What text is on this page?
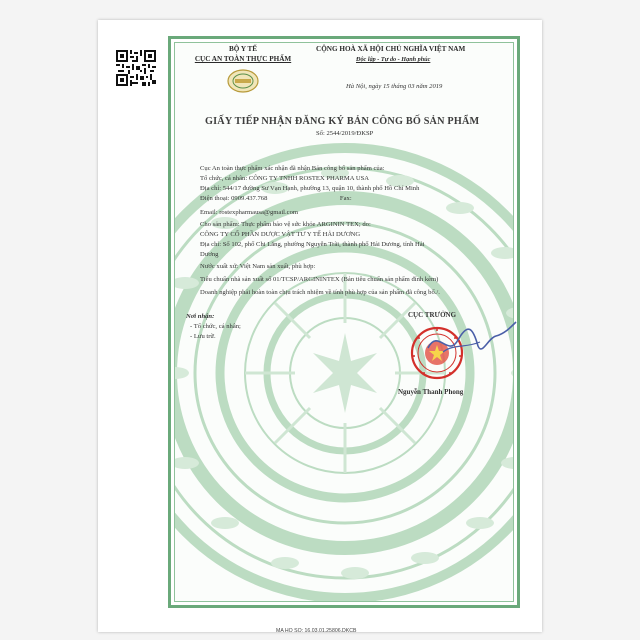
BỘ Y TẾ
CỤC AN TOÀN THỰC PHẨM
CỘNG HOÀ XÃ HỘI CHỦ NGHĨA VIỆT NAM
Độc lập - Tự do - Hạnh phúc
Hà Nội, ngày 15 tháng 03 năm 2019
GIẤY TIẾP NHẬN ĐĂNG KÝ BẢN CÔNG BỐ SẢN PHẨM
Số: 2544/2019/ĐKSP
Cục An toàn thực phẩm xác nhận đã nhận Bản công bố sản phẩm của:
Tổ chức, cá nhân: CÔNG TY TNHH ROSTEX PHARMA USA
Địa chỉ: 544/17 đường Sư Vạn Hạnh, phường 13, quận 10, thành phố Hồ Chí Minh
Điện thoại: 0909.437.768                                            Fax:
Email: rostexpharmausa@gmail.com
Cho sản phẩm: Thực phẩm bảo vệ sức khỏe ARGININ TEX; do:
CÔNG TY CỔ PHẦN DƯỢC VẬT TƯ Y TẾ HẢI DƯƠNG
Địa chỉ: Số 102, phố Chi Lăng, phường Nguyễn Trãi, thành phố Hải Dương, tỉnh Hải
Dương
Nước xuất xứ: Việt Nam sản xuất, phù hợp:
Tiêu chuẩn nhà sản xuất số 01/TCSP/ARGININTEX (Bản tiêu chuẩn sản phẩm đính kèm)
Doanh nghiệp phải hoàn toàn chịu trách nhiệm về tính phù hợp của sản phẩm đã công bố./.
Nơi nhận:
- Tổ chức, cá nhân;
- Lưu trữ.
CỤC TRƯỞNG
Nguyễn Thanh Phong
MA HO SO: 16.03.01.25806.DKCB
